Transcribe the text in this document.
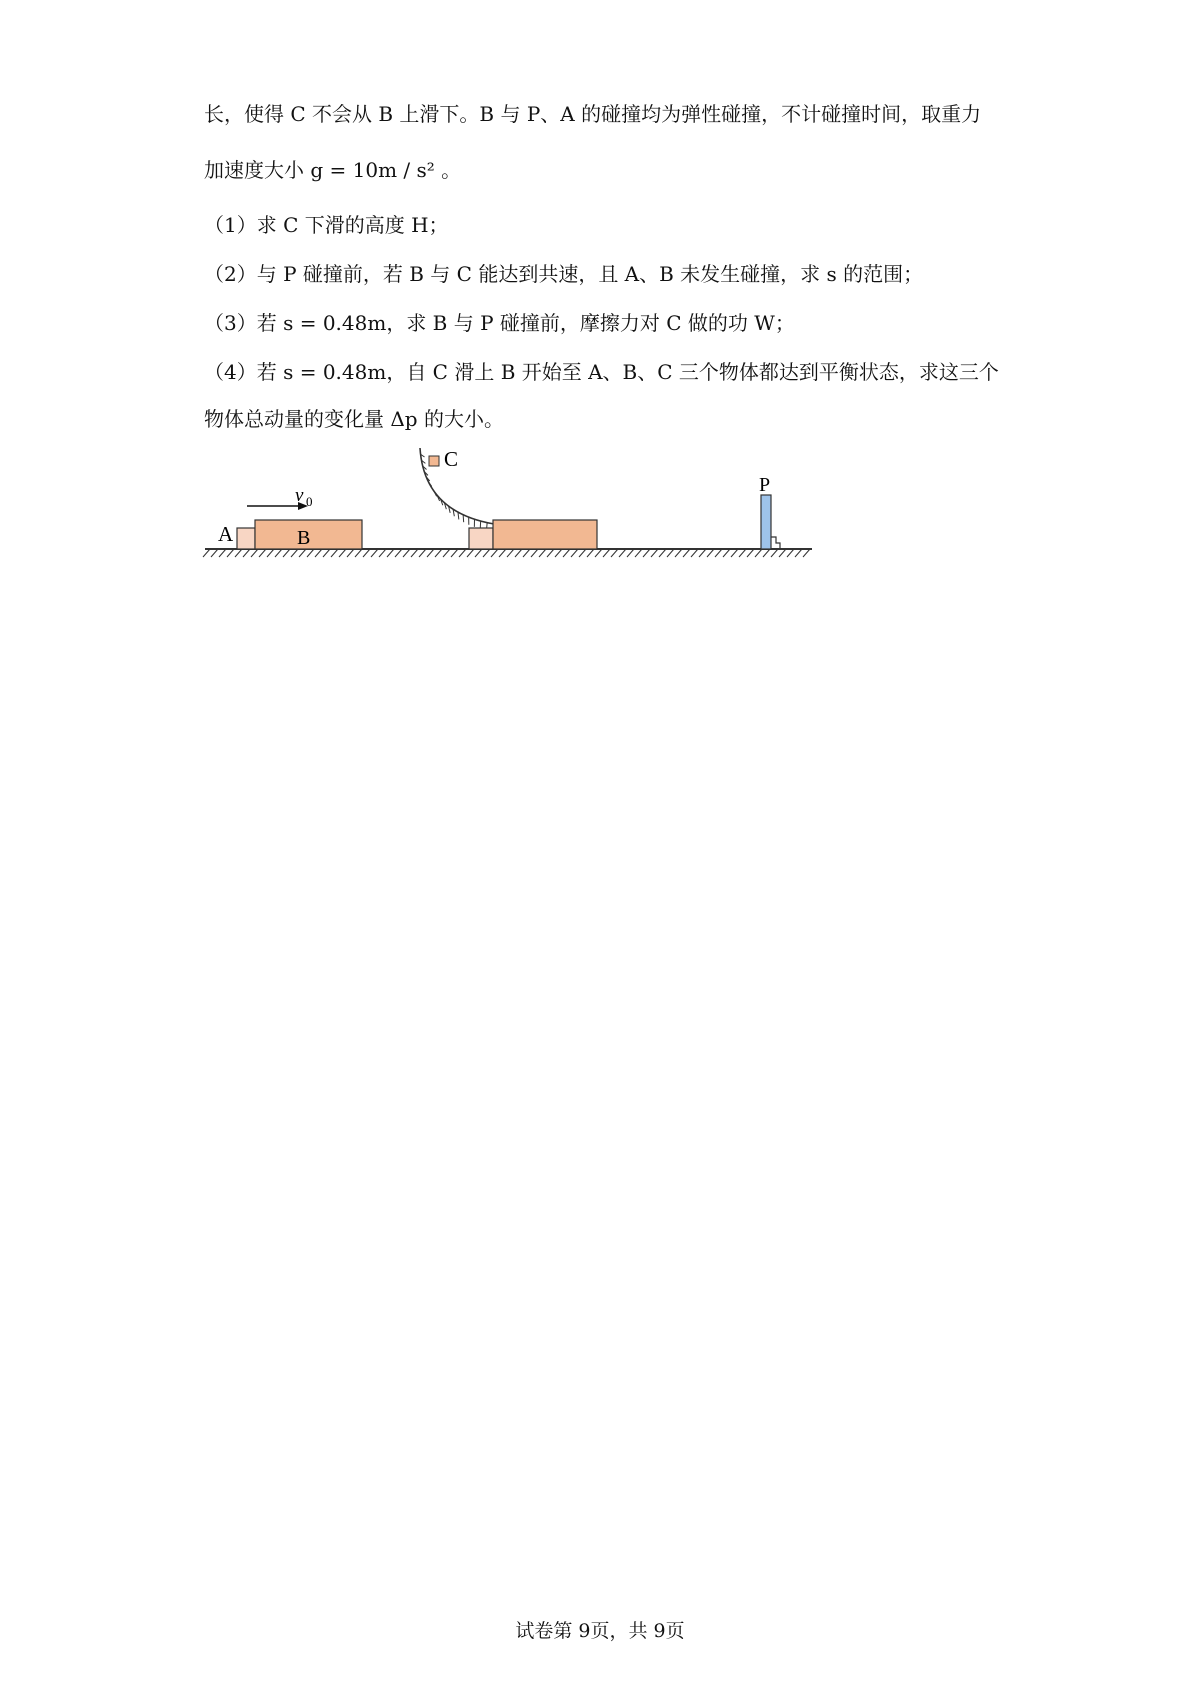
长，使得 C 不会从 B 上滑下。B 与 P、A 的碰撞均为弹性碰撞，不计碰撞时间，取重力
加速度大小 g = 10m / s² 。
（1）求 C 下滑的高度 H；
（2）与 P 碰撞前，若 B 与 C 能达到共速，且 A、B 未发生碰撞，求 s 的范围；
（3）若 s = 0.48m，求 B 与 P 碰撞前，摩擦力对 C 做的功 W；
（4）若 s = 0.48m，自 C 滑上 B 开始至 A、B、C 三个物体都达到平衡状态，求这三个
物体总动量的变化量 Δp 的大小。
A	B
v 0
C
P
试卷第 9页，共 9页
